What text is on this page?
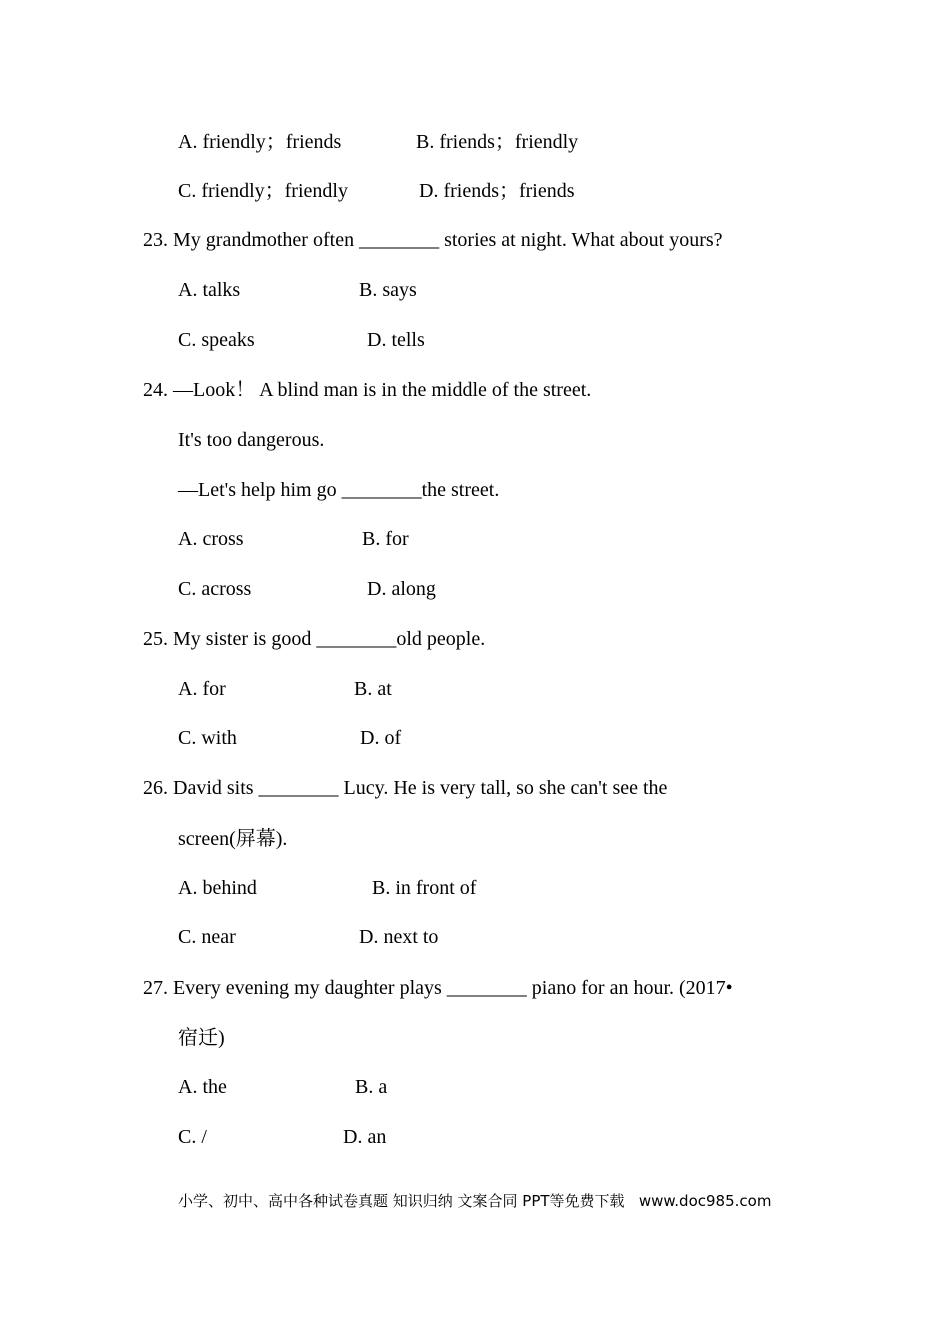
A. friendly；friends	B. friends；friendly
C. friendly；friendly	D. friends；friends
23. My grandmother often ________ stories at night. What about yours?
A. talks	B. says
C. speaks	D. tells
24. —Look！ A blind man is in the middle of the street.
It's too dangerous.
—Let's help him go ________the street.
A. cross	B. for
C. across	D. along
25. My sister is good ________old people.
A. for	B. at
C. with	D. of
26. David sits ________ Lucy. He is very tall, so she can't see the
screen(屏幕).
A. behind	B. in front of
C. near	D. next to
27. Every evening my daughter plays ________ piano for an hour. (2017•
宿迁)
A. the	B. a
C. /	D. an
小学、初中、高中各种试卷真题 知识归纳 文案合同 PPT等免费下载   www.doc985.com
